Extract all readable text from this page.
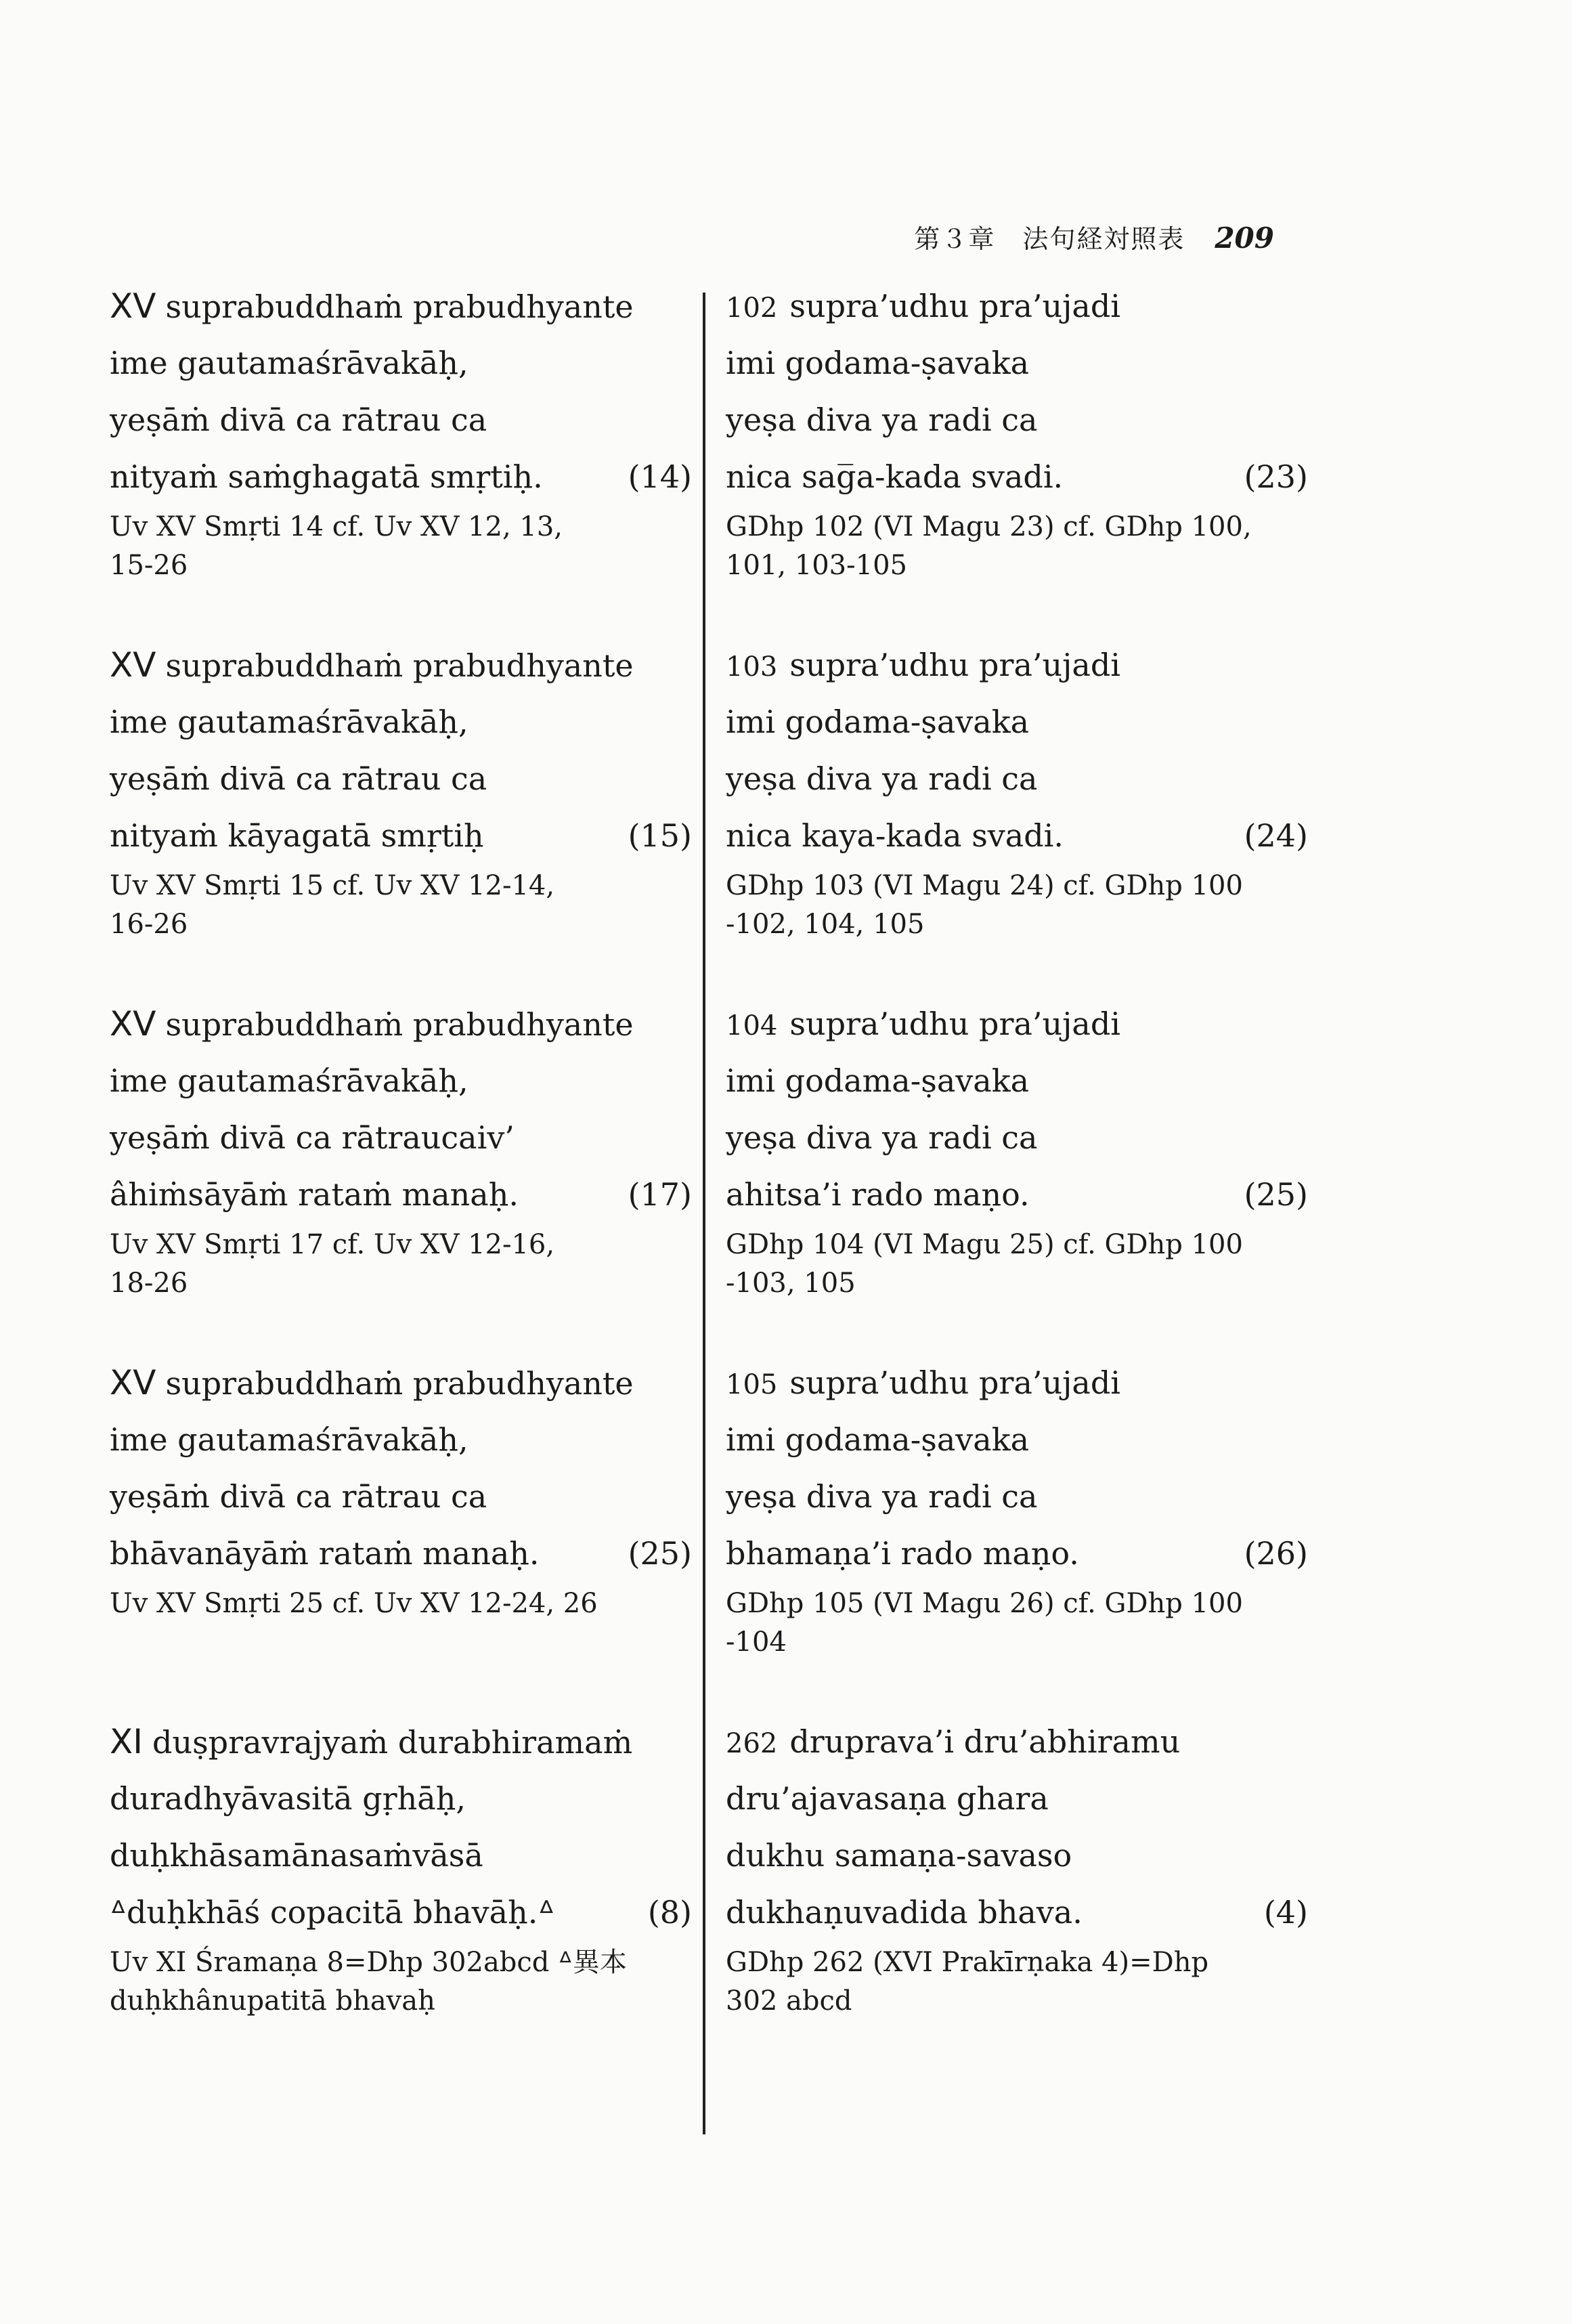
第３章　法句経対照表 209
XV suprabuddhaṁ prabudhyante
ime gautamaśrāvakāḥ,
yeṣāṁ divā ca rātrau ca
nityaṁ saṁghagatā smṛtiḥ.	(14)
Uv XV Smṛti 14 cf. Uv XV 12, 13,
15-26
XV suprabuddhaṁ prabudhyante
ime gautamaśrāvakāḥ,
yeṣāṁ divā ca rātrau ca
nityaṁ kāyagatā smṛtiḥ	(15)
Uv XV Smṛti 15 cf. Uv XV 12-14,
16-26
XV suprabuddhaṁ prabudhyante
ime gautamaśrāvakāḥ,
yeṣāṁ divā ca rātraucaiv’
âhiṁsāyāṁ rataṁ manaḥ.	(17)
Uv XV Smṛti 17 cf. Uv XV 12-16,
18-26
XV suprabuddhaṁ prabudhyante
ime gautamaśrāvakāḥ,
yeṣāṁ divā ca rātrau ca
bhāvanāyāṁ rataṁ manaḥ.	(25)
Uv XV Smṛti 25 cf. Uv XV 12-24, 26
XI duṣpravrajyaṁ durabhiramaṁ
duradhyāvasitā gṛhāḥ,
duḥkhāsamānasaṁvāsā
ᐞduḥkhāś copacitā bhavāḥ.ᐞ	(8)
Uv XI Śramaṇa 8=Dhp 302abcd ᐞ異本
duḥkhânupatitā bhavaḥ
102 supra’udhu pra’ujadi
imi godama-ṣavaka
yeṣa diva ya radi ca
nica sag̅a-kada svadi.	(23)
GDhp 102 (VI Magu 23) cf. GDhp 100,
101, 103-105
103 supra’udhu pra’ujadi
imi godama-ṣavaka
yeṣa diva ya radi ca
nica kaya-kada svadi.	(24)
GDhp 103 (VI Magu 24) cf. GDhp 100
-102, 104, 105
104 supra’udhu pra’ujadi
imi godama-ṣavaka
yeṣa diva ya radi ca
ahitsa’i rado maṇo.	(25)
GDhp 104 (VI Magu 25) cf. GDhp 100
-103, 105
105 supra’udhu pra’ujadi
imi godama-ṣavaka
yeṣa diva ya radi ca
bhamaṇa’i rado maṇo.	(26)
GDhp 105 (VI Magu 26) cf. GDhp 100
-104
262 druprava’i dru’abhiramu
dru’ajavasaṇa ghara
dukhu samaṇa-savaso
dukhaṇuvadida bhava.	(4)
GDhp 262 (XVI Prakīrṇaka 4)=Dhp
302 abcd
